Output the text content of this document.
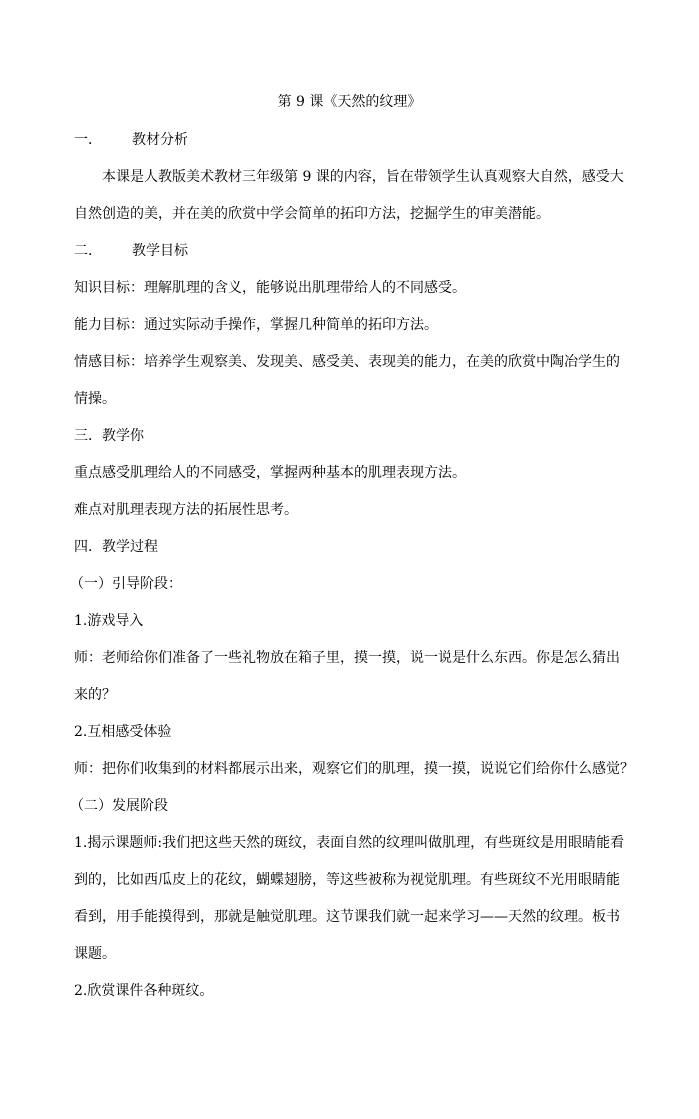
第 9 课《天然的纹理》
一． 教材分析
本课是人教版美术教材三年级第 9 课的内容，旨在带领学生认真观察大自然，感受大
自然创造的美，并在美的欣赏中学会简单的拓印方法，挖掘学生的审美潜能。
二． 教学目标
知识目标：理解肌理的含义，能够说出肌理带给人的不同感受。
能力目标：通过实际动手操作，掌握几种简单的拓印方法。
情感目标：培养学生观察美、发现美、感受美、表现美的能力，在美的欣赏中陶冶学生的
情操。
三．教学你
重点感受肌理给人的不同感受，掌握两种基本的肌理表现方法。
难点对肌理表现方法的拓展性思考。
四．教学过程
（一）引导阶段：
1.游戏导入
师：老师给你们准备了一些礼物放在箱子里，摸一摸，说一说是什么东西。你是怎么猜出
来的？
2.互相感受体验
师：把你们收集到的材料都展示出来，观察它们的肌理，摸一摸，说说它们给你什么感觉？
（二）发展阶段
1.揭示课题师:我们把这些天然的斑纹，表面自然的纹理叫做肌理，有些斑纹是用眼睛能看
到的，比如西瓜皮上的花纹，蝴蝶翅膀，等这些被称为视觉肌理。有些斑纹不光用眼睛能
看到，用手能摸得到，那就是触觉肌理。这节课我们就一起来学习——天然的纹理。板书
课题。
2.欣赏课件各种斑纹。
